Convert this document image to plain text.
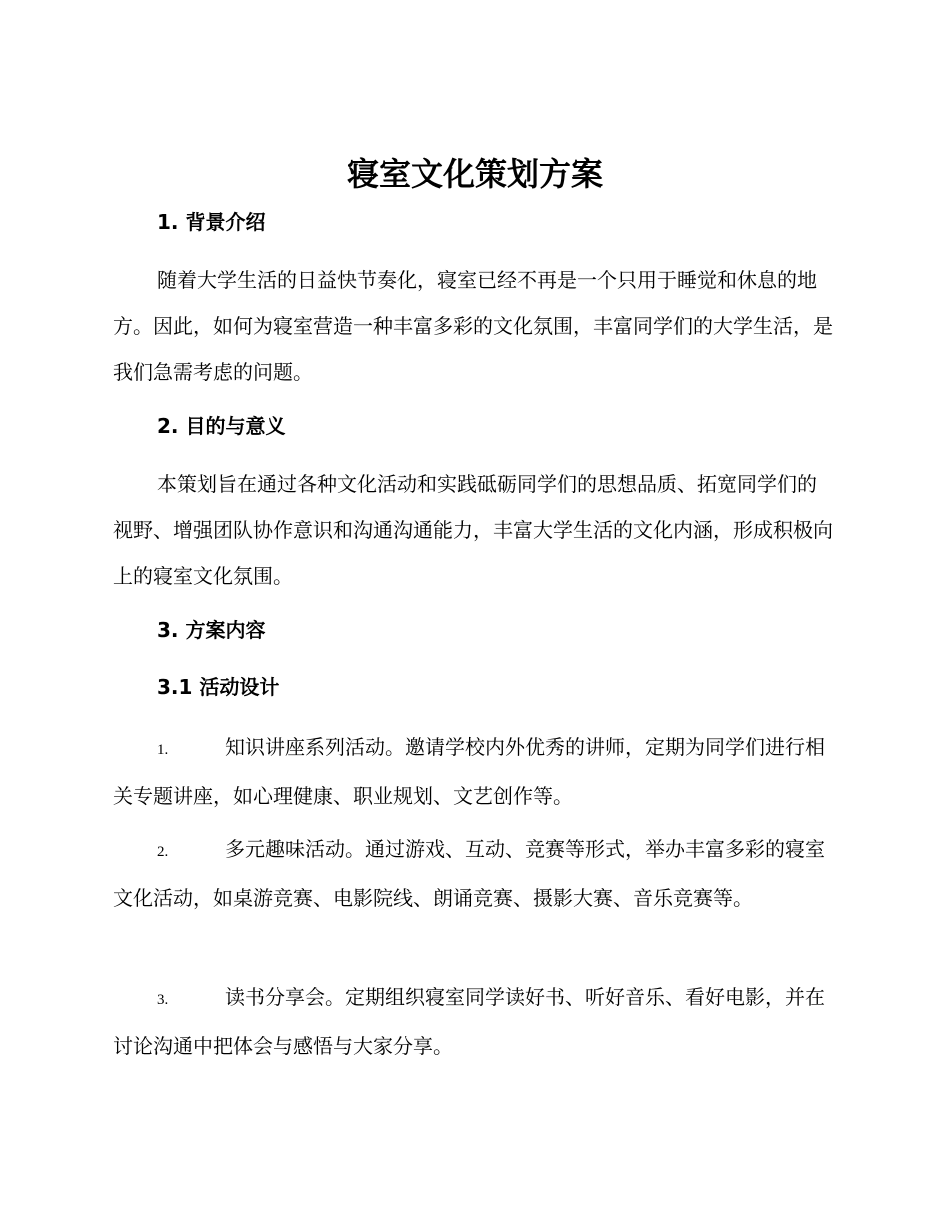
寝室文化策划方案
1. 背景介绍

随着大学生活的日益快节奏化，寝室已经不再是一个只用于睡觉和休息的地方。因此，如何为寝室营造一种丰富多彩的文化氛围，丰富同学们的大学生活，是我们急需考虑的问题。

2. 目的与意义

本策划旨在通过各种文化活动和实践砥砺同学们的思想品质、拓宽同学们的视野、增强团队协作意识和沟通沟通能力，丰富大学生活的文化内涵，形成积极向上的寝室文化氛围。

3. 方案内容
3.1 活动设计

1.	知识讲座系列活动。邀请学校内外优秀的讲师，定期为同学们进行相关专题讲座，如心理健康、职业规划、文艺创作等。

2.	多元趣味活动。通过游戏、互动、竞赛等形式，举办丰富多彩的寝室文化活动，如桌游竞赛、电影院线、朗诵竞赛、摄影大赛、音乐竞赛等。

3.	读书分享会。定期组织寝室同学读好书、听好音乐、看好电影，并在讨论沟通中把体会与感悟与大家分享。
